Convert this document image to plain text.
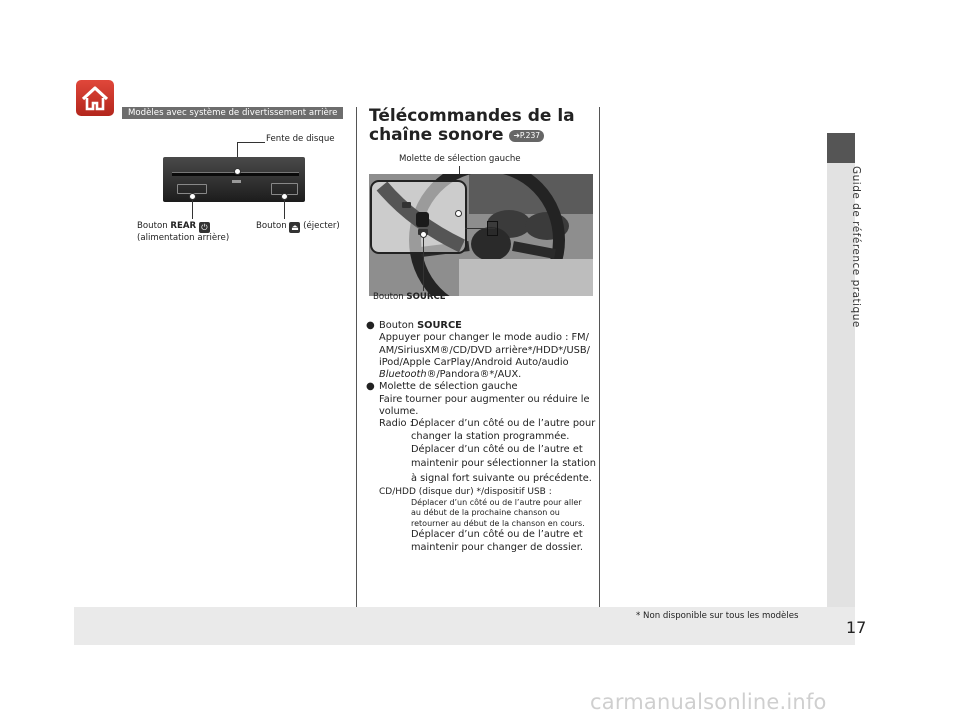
Guide de référence pratique
Modèles avec système de divertissement arrière
Fente de disque
Bouton REAR ⏻
(alimentation arrière)
Bouton ⏏ (éjecter)
Télécommandes de la
chaîne sonore ➔P.237
Molette de sélection gauche
Bouton SOURCE
● Bouton SOURCE
Appuyer pour changer le mode audio : FM/
AM/SiriusXM®/CD/DVD arrière*/HDD*/USB/
iPod/Apple CarPlay/Android Auto/audio
Bluetooth®/Pandora®*/AUX.
● Molette de sélection gauche
Faire tourner pour augmenter ou réduire le
volume.
Radio :
Déplacer d’un côté ou de l’autre pour
changer la station programmée.
Déplacer d’un côté ou de l’autre et
maintenir pour sélectionner la station
à signal fort suivante ou précédente.
CD/HDD (disque dur) */dispositif USB :
Déplacer d’un côté ou de l’autre pour aller
au début de la prochaine chanson ou
retourner au début de la chanson en cours.
Déplacer d’un côté ou de l’autre et
maintenir pour changer de dossier.
* Non disponible sur tous les modèles
17
carmanualsonline.info
